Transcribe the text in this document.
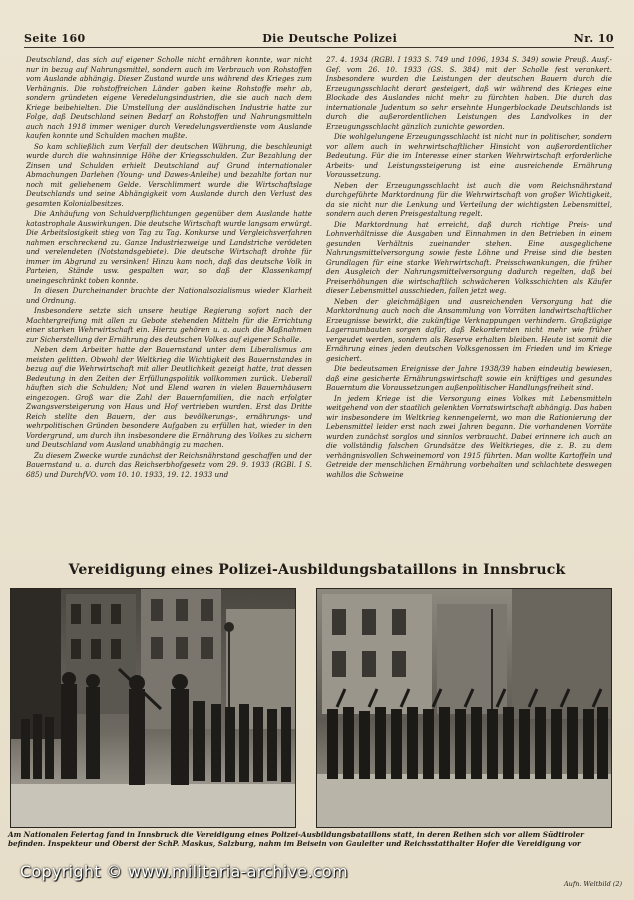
Seite 160	Die Deutsche Polizei	Nr. 10

Deutschland, das sich auf eigener Scholle nicht ernähren konnte, war nicht nur in bezug auf Nahrungsmittel, sondern auch im Verbrauch von Rohstoffen vom Auslande abhängig. Dieser Zustand wurde uns während des Krieges zum Verhängnis. Die rohstoffreichen Länder gaben keine Rohstoffe mehr ab, sondern gründeten eigene Veredelungsindustrien, die sie auch nach dem Kriege beibehielten. Die Umstellung der ausländischen Industrie hatte zur Folge, daß Deutschland seinen Bedarf an Rohstoffen und Nahrungsmitteln auch nach 1918 immer weniger durch Veredelungsverdienste vom Auslande kaufen konnte und Schulden machen mußte.

So kam schließlich zum Verfall der deutschen Währung, die beschleunigt wurde durch die wahnsinnige Höhe der Kriegsschulden. Zur Bezahlung der Zinsen und Schulden erhielt Deutschland auf Grund internationaler Abmachungen Darlehen (Young- und Dawes-Anleihe) und bezahlte fortan nur noch mit geliehenem Gelde. Verschlimmert wurde die Wirtschaftslage Deutschlands und seine Abhängigkeit vom Auslande durch den Verlust des gesamten Kolonialbesitzes.

Die Anhäufung von Schuldverpflichtungen gegenüber dem Auslande hatte katastrophale Auswirkungen. Die deutsche Wirtschaft wurde langsam erwürgt. Die Arbeitslosigkeit stieg von Tag zu Tag. Konkurse und Vergleichsverfahren nahmen erschreckend zu. Ganze Industriezweige und Landstriche verödeten und verelendeten (Notstandsgebiete). Die deutsche Wirtschaft drohte für immer im Abgrund zu versinken! Hinzu kam noch, daß das deutsche Volk in Parteien, Stände usw. gespalten war, so daß der Klassenkampf uneingeschränkt toben konnte.

In diesen Durcheinander brachte der Nationalsozialismus wieder Klarheit und Ordnung.

Insbesondere setzte sich unsere heutige Regierung sofort nach der Machtergreifung mit allen zu Gebote stehenden Mitteln für die Errichtung einer starken Wehrwirtschaft ein. Hierzu gehören u. a. auch die Maßnahmen zur Sicherstellung der Ernährung des deutschen Volkes auf eigener Scholle.

Neben dem Arbeiter hatte der Bauernstand unter dem Liberalismus am meisten gelitten. Obwohl der Weltkrieg die Wichtigkeit des Bauernstandes in bezug auf die Wehrwirtschaft mit aller Deutlichkeit gezeigt hatte, trat dessen Bedeutung in den Zeiten der Erfüllungspolitik vollkommen zurück. Ueberall häuften sich die Schulden; Not und Elend waren in vielen Bauernhäusern eingezogen. Groß war die Zahl der Bauernfamilien, die nach erfolgter Zwangsversteigerung von Haus und Hof vertrieben wurden. Erst das Dritte Reich stellte den Bauern, der aus bevölkerungs-, ernährungs- und wehrpolitischen Gründen besondere Aufgaben zu erfüllen hat, wieder in den Vordergrund, um durch ihn insbesondere die Ernährung des Volkes zu sichern und Deutschland vom Ausland unabhängig zu machen.

Zu diesem Zwecke wurde zunächst der Reichsnährstand geschaffen und der Bauernstand u. a. durch das Reichserbhofgesetz vom 29. 9. 1933 (RGBl. I S. 685) und DurchfVO. vom 10. 10. 1933, 19. 12. 1933 und

27. 4. 1934 (RGBl. I 1933 S. 749 und 1096, 1934 S. 349) sowie Preuß. Ausf.-Gef. vom 26. 10. 1933 (GS. S. 384) mit der Scholle fest verankert. Insbesondere wurden die Leistungen der deutschen Bauern durch die Erzeugungsschlacht derart gesteigert, daß wir während des Krieges eine Blockade des Auslandes nicht mehr zu fürchten haben. Die durch das internationale Judentum so sehr ersehnte Hungerblockade Deutschlands ist durch die außerordentlichen Leistungen des Landvolkes in der Erzeugungsschlacht gänzlich zunichte geworden.

Die wohlgelungene Erzeugungsschlacht ist nicht nur in politischer, sondern vor allem auch in wehrwirtschaftlicher Hinsicht von außerordentlicher Bedeutung. Für die im Interesse einer starken Wehrwirtschaft erforderliche Arbeits- und Leistungssteigerung ist eine ausreichende Ernährung Voraussetzung.

Neben der Erzeugungsschlacht ist auch die vom Reichsnährstand durchgeführte Marktordnung für die Wehrwirtschaft von großer Wichtigkeit, da sie nicht nur die Lenkung und Verteilung der wichtigsten Lebensmittel, sondern auch deren Preisgestaltung regelt.

Die Marktordnung hat erreicht, daß durch richtige Preis- und Lohnverhältnisse die Ausgaben und Einnahmen in den Betrieben in einem gesunden Verhältnis zueinander stehen. Eine ausgeglichene Nahrungsmittelversorgung sowie feste Löhne und Preise sind die besten Grundlagen für eine starke Wehrwirtschaft. Preisschwankungen, die früher den Ausgleich der Nahrungsmittelversorgung dadurch regelten, daß bei Preiserhöhungen die wirtschaftlich schwächeren Volksschichten als Käufer dieser Lebensmittel ausschieden, fallen jetzt weg.

Neben der gleichmäßigen und ausreichenden Versorgung hat die Marktordnung auch noch die Ansammlung von Vorräten landwirtschaftlicher Erzeugnisse bewirkt, die zukünftige Verknappungen verhindern. Großzügige Lagerraumbauten sorgen dafür, daß Rekordernten nicht mehr wie früher vergeudet werden, sondern als Reserve erhalten bleiben. Heute ist somit die Ernährung eines jeden deutschen Volksgenossen im Frieden und im Kriege gesichert.

Die bedeutsamen Ereignisse der Jahre 1938/39 haben eindeutig bewiesen, daß eine gesicherte Ernährungswirtschaft sowie ein kräftiges und gesundes Bauerntum die Voraussetzungen außenpolitischer Handlungsfreiheit sind.

In jedem Kriege ist die Versorgung eines Volkes mit Lebensmitteln weitgehend von der staatlich gelenkten Vorratswirtschaft abhängig. Das haben wir insbesondere im Weltkrieg kennengelernt, wo man die Rationierung der Lebensmittel leider erst nach zwei Jahren begann. Die vorhandenen Vorräte wurden zunächst sorglos und sinnlos verbraucht. Dabei erinnere ich auch an die vollständig falschen Grundsätze des Weltkrieges, die z. B. zu dem verhängnisvollen Schweinemord von 1915 führten. Man wollte Kartoffeln und Getreide der menschlichen Ernährung vorbehalten und schlachtete deswegen wahllos die Schweine

Vereidigung eines Polizei-Ausbildungsbataillons in Innsbruck
Am Nationalen Feiertag fand in Innsbruck die Vereidigung eines Polizei-Ausbildungsbataillons statt, in deren Reihen sich vor allem Südtiroler befinden. Inspekteur und Oberst der SchP. Maskus, Salzburg, nahm im Beisein von Gauleiter und Reichsstatthalter Hofer die Vereidigung vor
Copyright © www.militaria-archive.com
Aufn. Weltbild (2)
